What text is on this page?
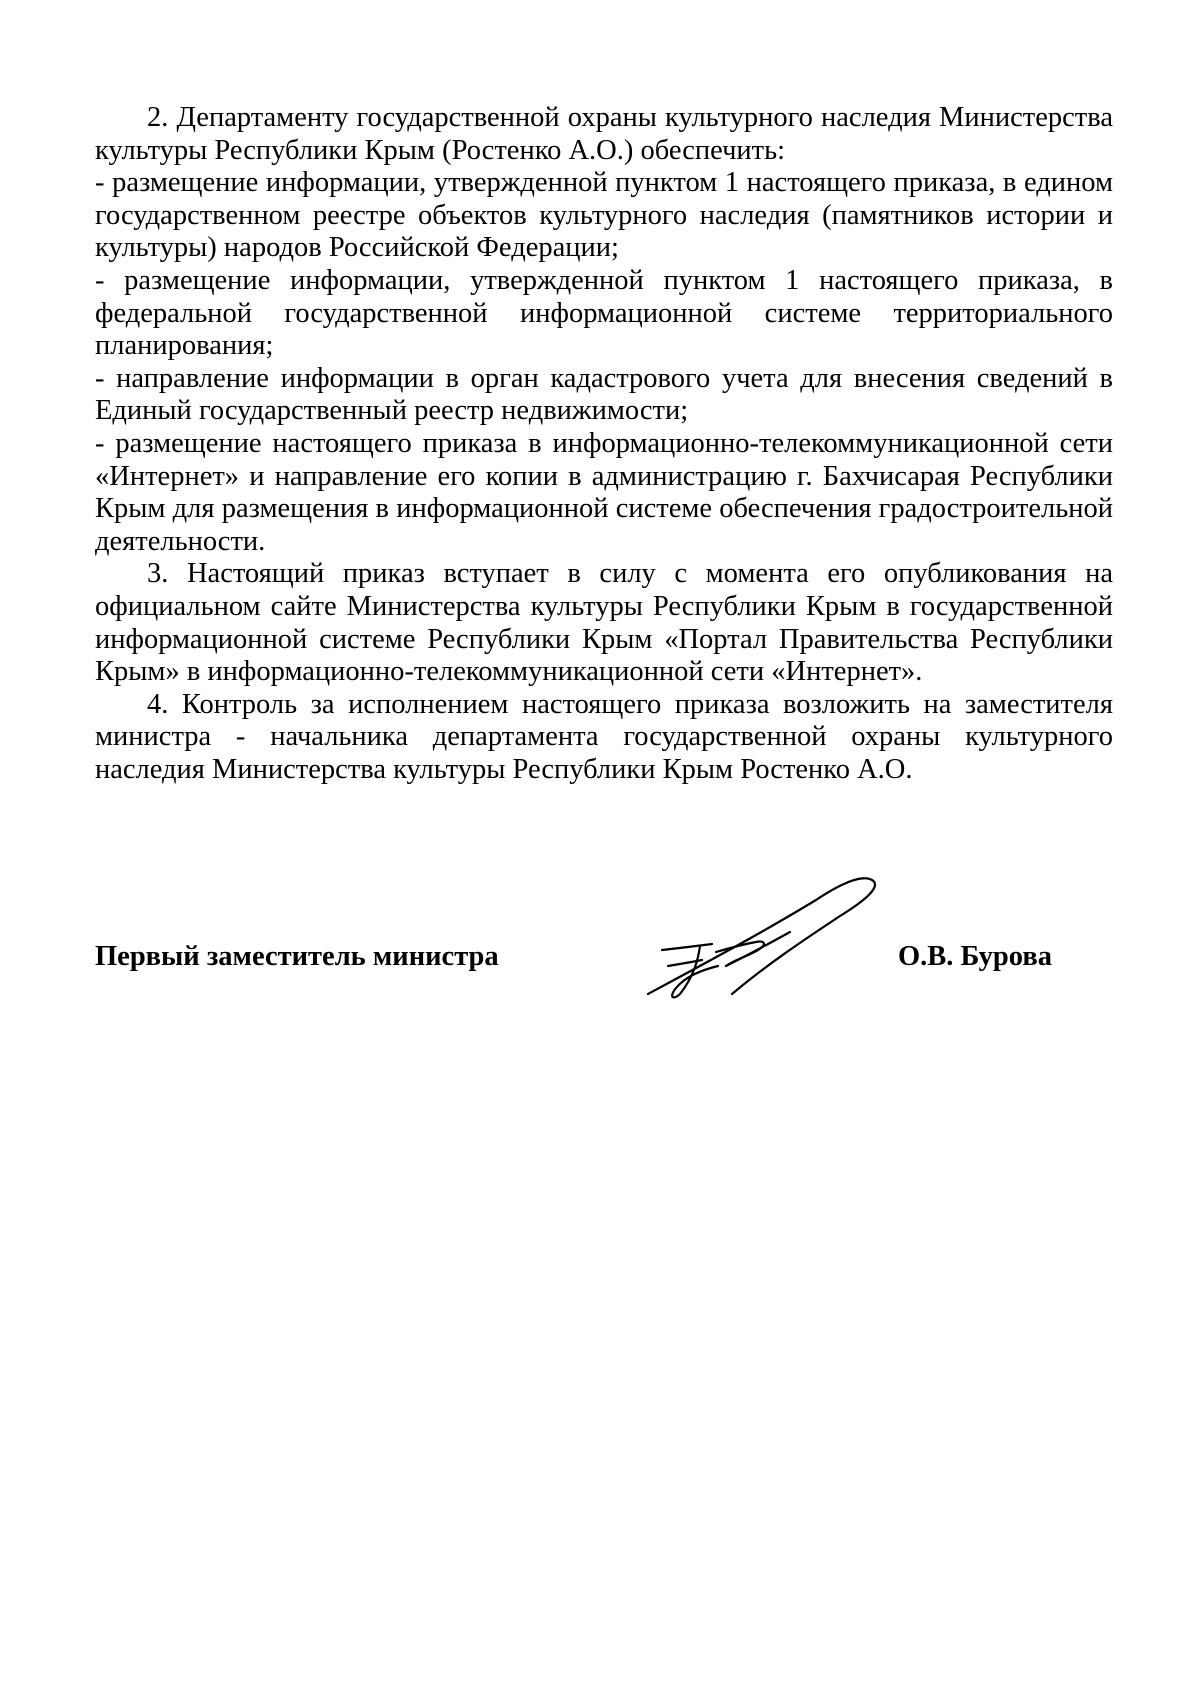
2. Департаменту государственной охраны культурного наследия Министерства культуры Республики Крым (Ростенко А.О.) обеспечить:

- размещение информации, утвержденной пунктом 1 настоящего приказа, в едином государственном реестре объектов культурного наследия (памятников истории и культуры) народов Российской Федерации;

- размещение информации, утвержденной пунктом 1 настоящего приказа, в федеральной государственной информационной системе территориального планирования;

- направление информации в орган кадастрового учета для внесения сведений в Единый государственный реестр недвижимости;

- размещение настоящего приказа в информационно-телекоммуникационной сети «Интернет» и направление его копии в администрацию г. Бахчисарая Республики Крым для размещения в информационной системе обеспечения градостроительной деятельности.

3. Настоящий приказ вступает в силу с момента его опубликования на официальном сайте Министерства культуры Республики Крым в государственной информационной системе Республики Крым «Портал Правительства Республики Крым» в информационно-телекоммуникационной сети «Интернет».

4. Контроль за исполнением настоящего приказа возложить на заместителя министра - начальника департамента государственной охраны культурного наследия Министерства культуры Республики Крым Ростенко А.О.

Первый заместитель министра	О.В. Бурова
